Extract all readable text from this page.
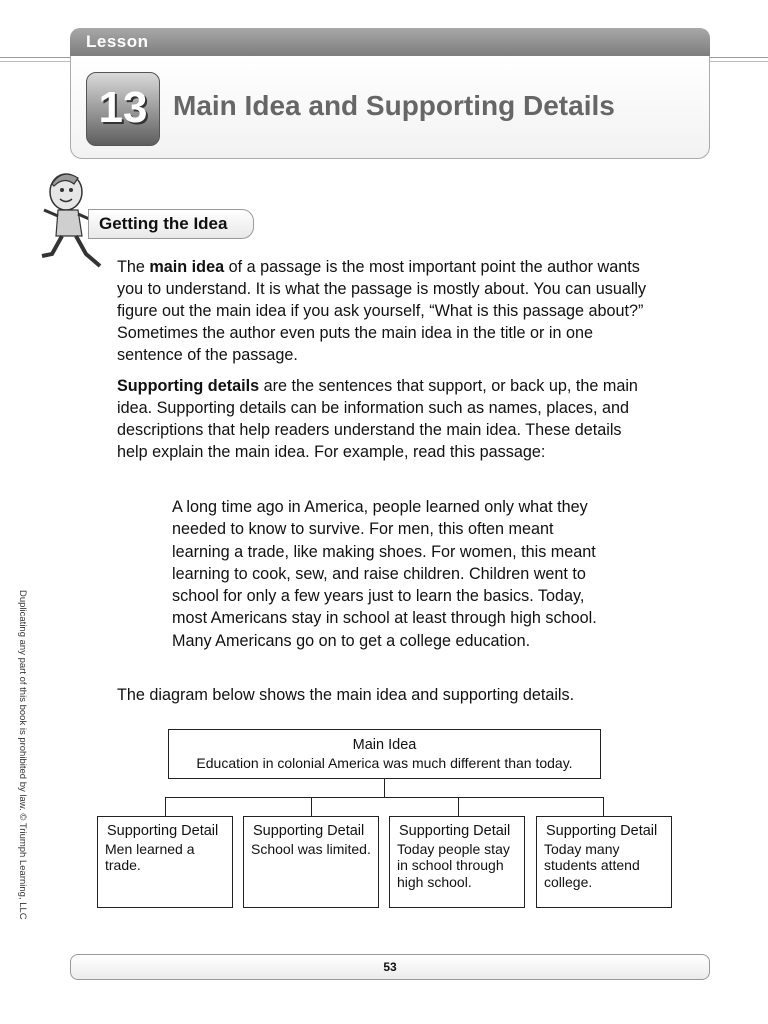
Lesson
13 Main Idea and Supporting Details
Getting the Idea

The main idea of a passage is the most important point the author wants you to understand. It is what the passage is mostly about. You can usually figure out the main idea if you ask yourself, “What is this passage about?” Sometimes the author even puts the main idea in the title or in one sentence of the passage.

Supporting details are the sentences that support, or back up, the main idea. Supporting details can be information such as names, places, and descriptions that help readers understand the main idea. These details help explain the main idea. For example, read this passage:

A long time ago in America, people learned only what they needed to know to survive. For men, this often meant learning a trade, like making shoes. For women, this meant learning to cook, sew, and raise children. Children went to school for only a few years just to learn the basics. Today, most Americans stay in school at least through high school. Many Americans go on to get a college education.

The diagram below shows the main idea and supporting details.

Main Idea
Education in colonial America was much different than today.
Supporting Detail
Men learned a trade.
Supporting Detail
School was limited.
Supporting Detail
Today people stay in school through high school.
Supporting Detail
Today many students attend college.
Duplicating any part of this book is prohibited by law. © Triumph Learning, LLC
53
